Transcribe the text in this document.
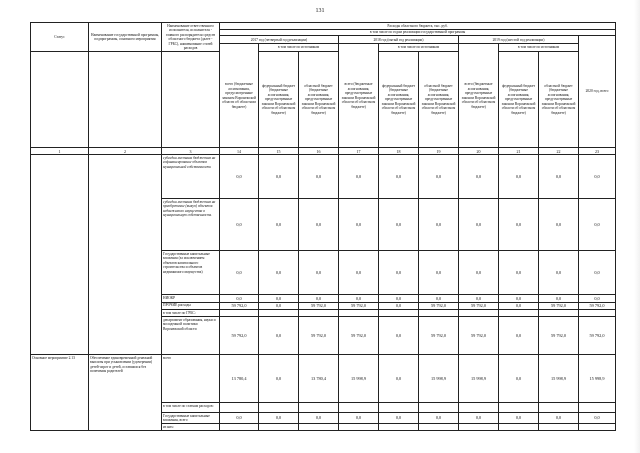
131
Статус	Наименование государственной программы, подпрограммы, основного мероприятия	Наименование ответственного исполнителя, исполнителя - главного распорядителя средств областного бюджета (далее - ГРБС), наименование статей расходов	Расходы областного бюджета, тыс. руб.									
			в том числе по годам реализации государственной программы									
			2017 год (четвертый год реализации)			2018 год (пятый год реализации)			2019 год (шестой год реализации)			2020 год, всего
			всего (бюджетные ассигнования, предусмотренные законом Воронежской области об областном бюджете)	в том числе по источникам		всего (бюджетные ассигнования, предусмотренные законом Воронежской области об областном бюджете)	в том числе по источникам		всего (бюджетные ассигнования, предусмотренные законом Воронежской области об областном бюджете)	в том числе по источникам		
				федеральный бюджет (бюджетные ассигнования, предусмотренные законом Воронежской области об областном бюджете)	областной бюджет (бюджетные ассигнования, предусмотренные законом Воронежской области об областном бюджете)		федеральный бюджет (бюджетные ассигнования, предусмотренные законом Воронежской области об областном бюджете)	областной бюджет (бюджетные ассигнования, предусмотренные законом Воронежской области об областном бюджете)		федеральный бюджет (бюджетные ассигнования, предусмотренные законом Воронежской области об областном бюджете)	областной бюджет (бюджетные ассигнования, предусмотренные законом Воронежской области об областном бюджете)	
1	2	3	14	15	16	17	18	19	20	21	22	23
		субсидии местным бюджетам на софинансирование объектов муниципальной собственности	0,0	0,0	0,0	0,0	0,0	0,0	0,0	0,0	0,0	0,0
		субсидии местным бюджетам на приобретение (выкуп) объектов недвижимого имущества в муниципальную собственность	0,0	0,0	0,0	0,0	0,0	0,0	0,0	0,0	0,0	0,0
		Государственные капитальные вложения (за исключением объектов капитального строительства и объектов недвижимого имущества)	0,0	0,0	0,0	0,0	0,0	0,0	0,0	0,0	0,0	0,0
		НИОКР	0,0	0,0	0,0	0,0	0,0	0,0	0,0	0,0	0,0	0,0
		ПРОЧИЕ расходы	59 792,0	0,0	59 792,0	59 792,0	0,0	59 792,0	59 792,0	0,0	59 792,0	59 792,0
		в том числе по ГРБС:										
		департамент образования, науки и молодежной политики Воронежской области	59 792,0	0,0	59 792,0	59 792,0	0,0	59 792,0	59 792,0	0,0	59 792,0	59 792,0
Основное мероприятие 2.13	Обеспечение единовременной денежной выплаты при усыновлении (удочерении) детей-сирот и детей, оставшихся без попечения родителей	всего	13 780,4	0,0	13 780,4	15 998,9	0,0	15 998,9	15 998,9	0,0	15 998,9	15 998,9
		в том числе по статьям расходов:										
		Государственные капитальные вложения, всего	0,0	0,0	0,0	0,0	0,0	0,0	0,0	0,0	0,0	0,0
		из них:										
